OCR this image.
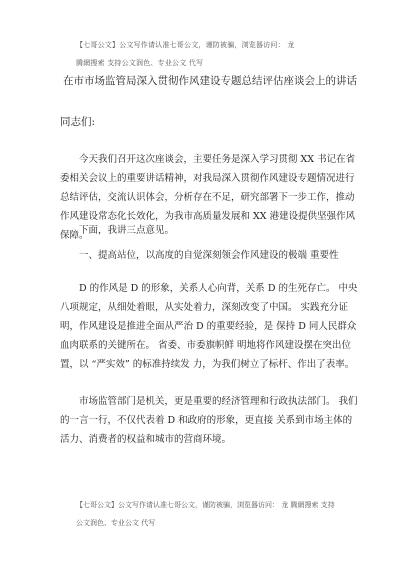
【七哥公文】公文写作请认准七哥公文，谨防被骗，浏览器访问： 龙
腾網搜索 支持公文润色、专业公文 代写
在市市场监管局深入贯彻作风建设专题总结评估座谈会上的讲话
同志们:

今天我们召开这次座谈会，主要任务是深入学习贯彻 XX 书记在省委相关会议上的重要讲话精神，对我局深入贯彻作风建设专题情况进行总结评估，交流认识体会，分析存在不足，研究部署下一步工作，推动作风建设常态化长效化，为我市高质量发展和 XX 港建设提供坚强作风保障。

下面，我讲三点意见。

一、提高站位，以高度的自觉深刻领会作风建设的极端 重要性

D 的作风是 D 的形象，关系人心向背，关系 D 的生死存亡。 中央八项规定，从细处着眼，从实处着力，深刻改变了中国。 实践充分证明，作风建设是推进全面从严治 D 的重要经验，是 保持 D 同人民群众血肉联系的关键所在。 省委、市委旗帜鲜 明地将作风建设摆在突出位置，以 “严实效” 的标准持续发 力，为我们树立了标杆、作出了表率。

市场监管部门是机关，更是重要的经济管理和行政执法部门。 我们的一言一行，不仅代表着 D 和政府的形象，更直接 关系到市场主体的活力、消费者的权益和城市的营商环境。

【七哥公文】公文写作请认准七哥公文，谨防被骗，浏览器访问： 龙 腾網搜索 支持
公文润色、专业公文 代写
